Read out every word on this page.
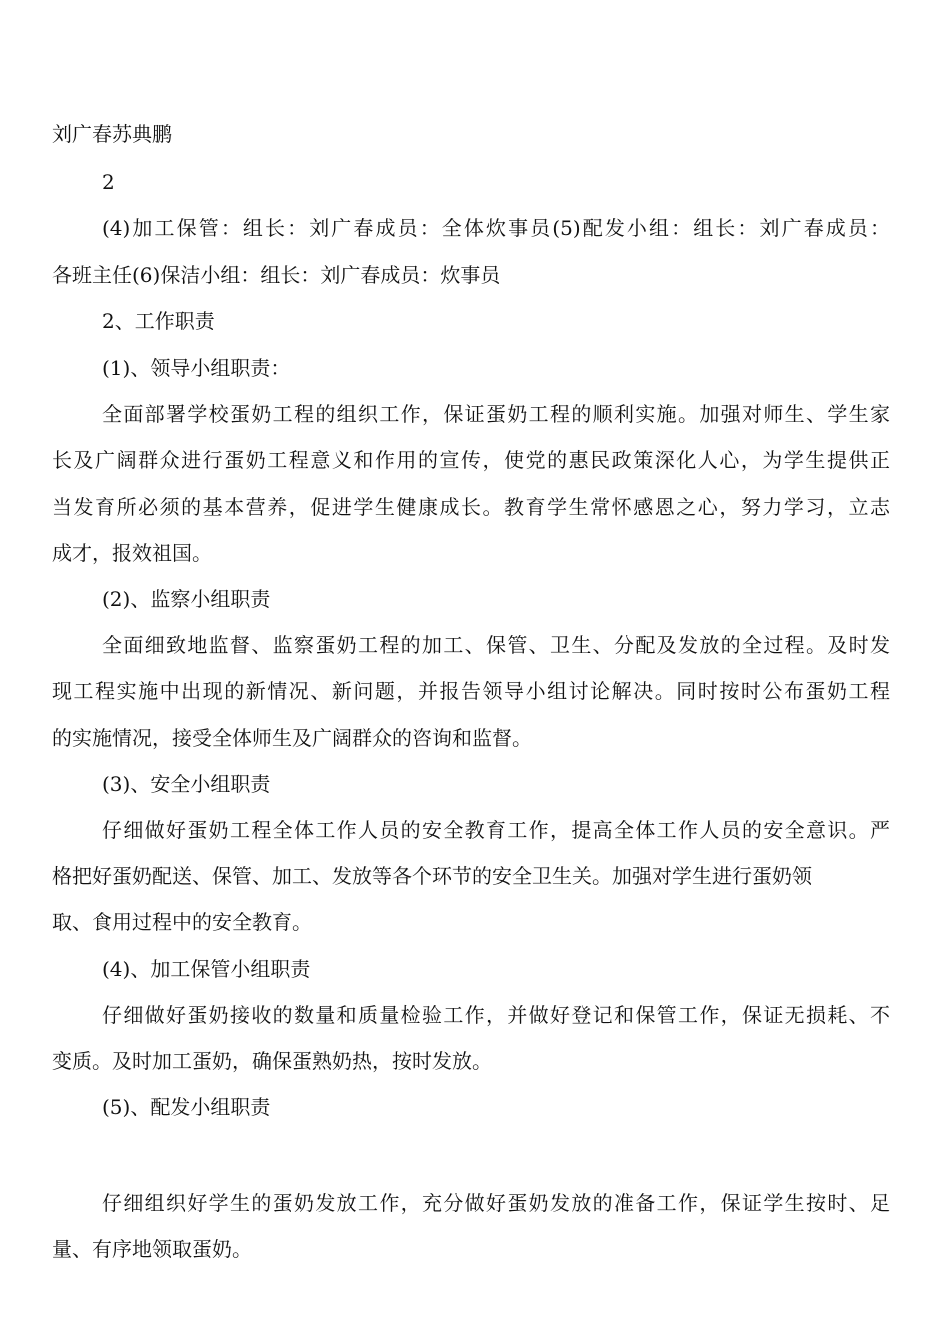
刘广春苏典鹏

2

(4)加工保管：组长：刘广春成员：全体炊事员(5)配发小组：组长：刘广春成员：

各班主任(6)保洁小组：组长：刘广春成员：炊事员

2、工作职责

(1)、领导小组职责：

全面部署学校蛋奶工程的组织工作，保证蛋奶工程的顺利实施。加强对师生、学生家

长及广阔群众进行蛋奶工程意义和作用的宣传，使党的惠民政策深化人心，为学生提供正

当发育所必须的基本营养，促进学生健康成长。教育学生常怀感恩之心，努力学习，立志

成才，报效祖国。

(2)、监察小组职责

全面细致地监督、监察蛋奶工程的加工、保管、卫生、分配及发放的全过程。及时发

现工程实施中出现的新情况、新问题，并报告领导小组讨论解决。同时按时公布蛋奶工程

的实施情况，接受全体师生及广阔群众的咨询和监督。

(3)、安全小组职责

仔细做好蛋奶工程全体工作人员的安全教育工作，提高全体工作人员的安全意识。严

格把好蛋奶配送、保管、加工、发放等各个环节的安全卫生关。加强对学生进行蛋奶领

取、食用过程中的安全教育。

(4)、加工保管小组职责

仔细做好蛋奶接收的数量和质量检验工作，并做好登记和保管工作，保证无损耗、不

变质。及时加工蛋奶，确保蛋熟奶热，按时发放。

(5)、配发小组职责

仔细组织好学生的蛋奶发放工作，充分做好蛋奶发放的准备工作，保证学生按时、足

量、有序地领取蛋奶。
